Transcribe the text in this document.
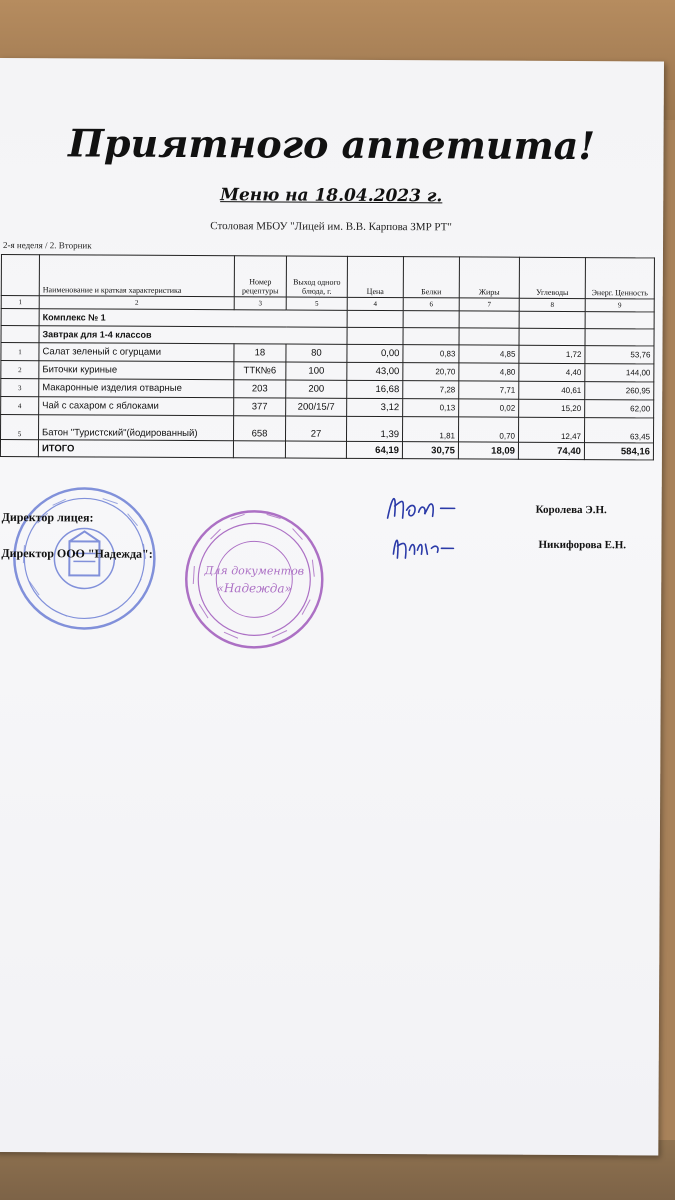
Приятного аппетита!
Меню на 18.04.2023 г.
Столовая МБОУ "Лицей им. В.В. Карпова ЗМР РТ"
2-я неделя / 2. Вторник
	Наименование и краткая характеристика	Номер рецептуры	Выход одного блюда, г.	Цена	Белки	Жиры	Углеводы	Энерг. Ценность
1	2	3	5	4	6	7	8	9
	Комплекс № 1							
	Завтрак для 1-4 классов							
1	Салат зеленый с огурцами	18	80	0,00	0,83	4,85	1,72	53,76
2	Биточки куриные	ТТК№6	100	43,00	20,70	4,80	4,40	144,00
3	Макаронные изделия отварные	203	200	16,68	7,28	7,71	40,61	260,95
4	Чай с сахаром с яблоками	377	200/15/7	3,12	0,13	0,02	15,20	62,00
5	Батон "Туристский"(йодированный)	658	27	1,39	1,81	0,70	12,47	63,45
	ИТОГО			64,19	30,75	18,09	74,40	584,16
Для документов
«Надежда»
Директор лицея:
Королева Э.Н.
Директор ООО "Надежда":
Никифорова Е.Н.
